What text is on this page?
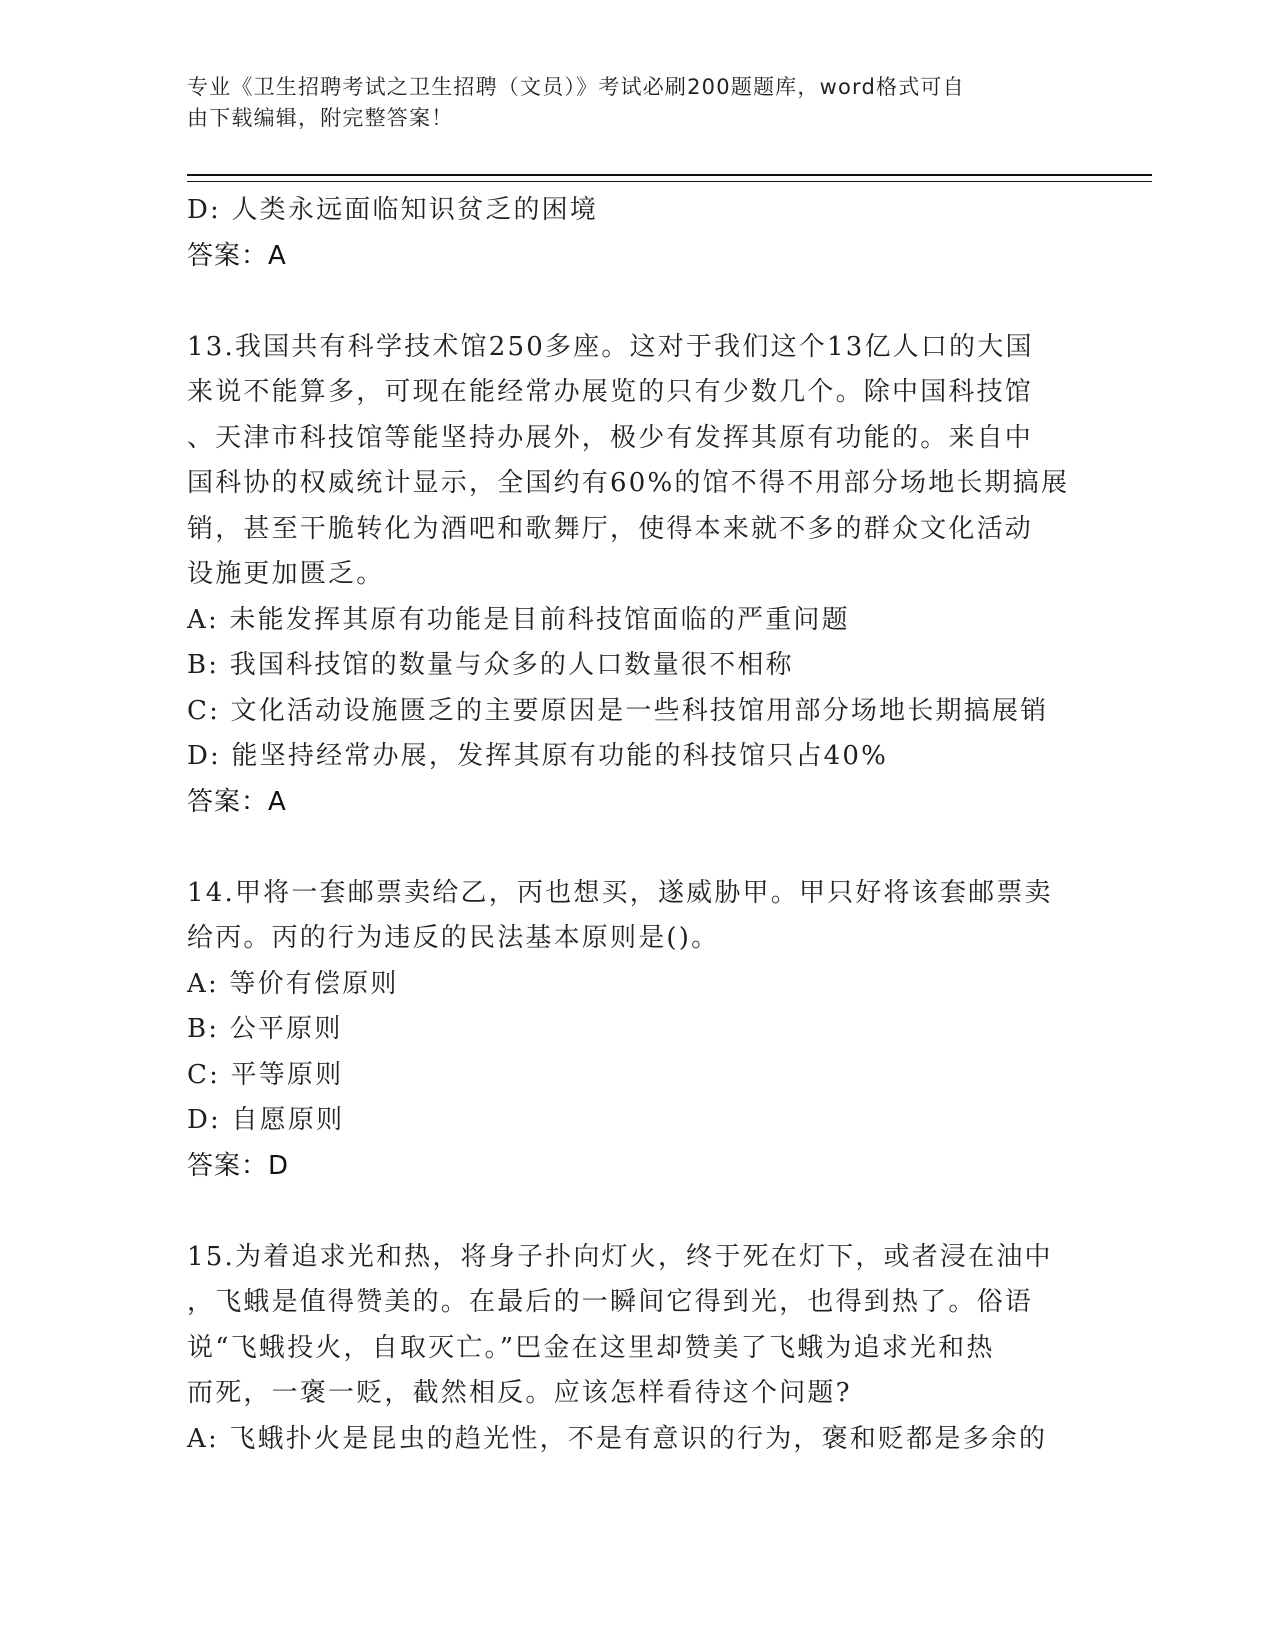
专业《卫生招聘考试之卫生招聘（文员）》考试必刷200题题库，word格式可自
由下载编辑，附完整答案！
D: 人类永远面临知识贫乏的困境
答案：A
13.我国共有科学技术馆250多座。这对于我们这个13亿人口的大国
来说不能算多，可现在能经常办展览的只有少数几个。除中国科技馆
、天津市科技馆等能坚持办展外，极少有发挥其原有功能的。来自中
国科协的权威统计显示，全国约有60%的馆不得不用部分场地长期搞展
销，甚至干脆转化为酒吧和歌舞厅，使得本来就不多的群众文化活动
设施更加匮乏。
A: 未能发挥其原有功能是目前科技馆面临的严重问题
B: 我国科技馆的数量与众多的人口数量很不相称
C: 文化活动设施匮乏的主要原因是一些科技馆用部分场地长期搞展销
D: 能坚持经常办展，发挥其原有功能的科技馆只占40%
答案：A
14.甲将一套邮票卖给乙，丙也想买，遂威胁甲。甲只好将该套邮票卖
给丙。丙的行为违反的民法基本原则是()。
A: 等价有偿原则
B: 公平原则
C: 平等原则
D: 自愿原则
答案：D
15.为着追求光和热，将身子扑向灯火，终于死在灯下，或者浸在油中
，飞蛾是值得赞美的。在最后的一瞬间它得到光，也得到热了。俗语
说“飞蛾投火，自取灭亡。”巴金在这里却赞美了飞蛾为追求光和热
而死，一褒一贬，截然相反。应该怎样看待这个问题?
A: 飞蛾扑火是昆虫的趋光性，不是有意识的行为，褒和贬都是多余的
